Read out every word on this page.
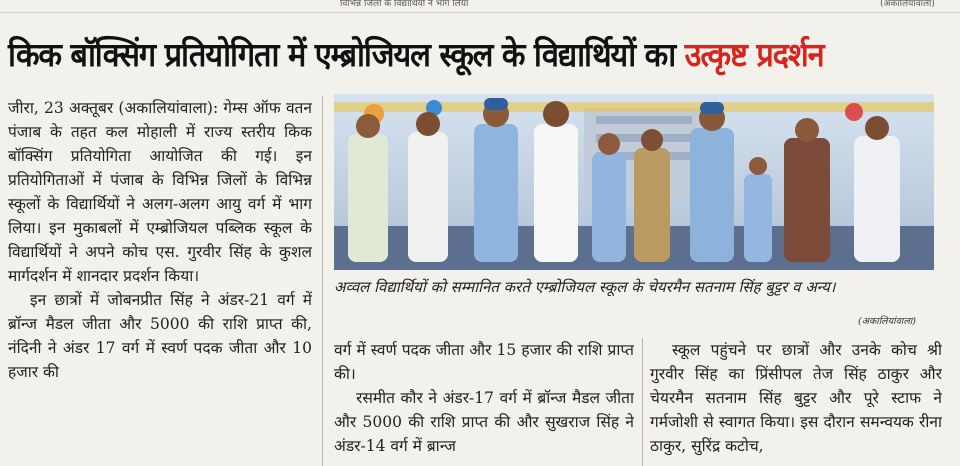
विभिन्न जिलों के विद्यार्थियों ने भाग लिया	(अकालियांवाला)
किक बॉक्सिंग प्रतियोगिता में एम्ब्रोजियल स्कूल के विद्यार्थियों का उत्कृष्ट प्रदर्शन

जीरा, 23 अक्तूबर (अकालियांवाला): गेम्स ऑफ वतन पंजाब के तहत कल मोहाली में राज्य स्तरीय किक बॉक्सिंग प्रतियोगिता आयोजित की गई। इन प्रतियोगिताओं में पंजाब के विभिन्न जिलों के विभिन्न स्कूलों के विद्यार्थियों ने अलग-अलग आयु वर्ग में भाग लिया। इन मुकाबलों में एम्ब्रोजियल पब्लिक स्कूल के विद्यार्थियों ने अपने कोच एस. गुरवीर सिंह के कुशल मार्गदर्शन में शानदार प्रदर्शन किया।

इन छात्रों में जोबनप्रीत सिंह ने अंडर-21 वर्ग में ब्रॉन्ज मैडल जीता और 5000 की राशि प्राप्त की, नंदिनी ने अंडर 17 वर्ग में स्वर्ण पदक जीता और 10 हजार की

अव्वल विद्यार्थियों को सम्मानित करते एम्ब्रोजियल स्कूल के चेयरमैन सतनाम सिंह बुट्टर व अन्य।
(अकालियांवाला)

वर्ग में स्वर्ण पदक जीता और 15 हजार की राशि प्राप्त की।

रसमीत कौर ने अंडर-17 वर्ग में ब्रॉन्ज मैडल जीता और 5000 की राशि प्राप्त की और सुखराज सिंह ने अंडर-14 वर्ग में ब्रान्ज

स्कूल पहुंचने पर छात्रों और उनके कोच श्री गुरवीर सिंह का प्रिंसीपल तेज सिंह ठाकुर और चेयरमैन सतनाम सिंह बुट्टर और पूरे स्टाफ ने गर्मजोशी से स्वागत किया। इस दौरान समन्वयक रीना ठाकुर, सुरिंद्र कटोच,
